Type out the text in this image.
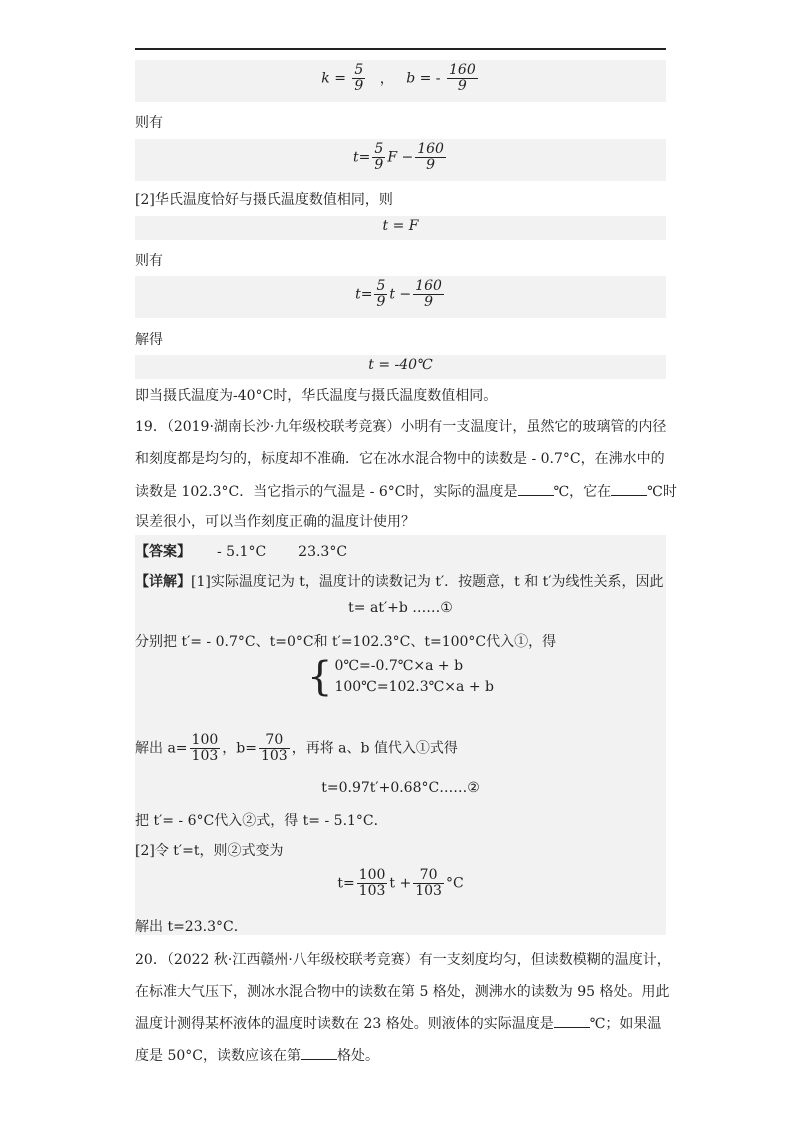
$k = \frac{5}{9}$ ， b = - $\frac{160}{9}$
则有
$t= \frac{5}{9}$ $F - \frac{160}{9}$
[2]华氏温度恰好与摄氏温度数值相同，则
t = F
则有
$t= \frac{5}{9}$ $t - \frac{160}{9}$
解得
t = -40℃
即当摄氏温度为-40°C时，华氏温度与摄氏温度数值相同。
19．（2019·湖南长沙·九年级校联考竞赛）小明有一支温度计，虽然它的玻璃管的内径
和刻度都是均匀的，标度却不准确．它在冰水混合物中的读数是 - 0.7°C，在沸水中的
读数是 102.3°C．当它指示的气温是 - 6°C时，实际的温度是	℃，它在	℃时
误差很小，可以当作刻度正确的温度计使用？
【答案】 - 5.1°C 23.3°C
【详解】[1]实际温度记为 t，温度计的读数记为 t′．按题意，t 和 t′为线性关系，因此
t= at′+b ……①
分别把 t′= - 0.7°C、t=0°C和 t′=102.3°C、t=100°C代入①，得
{ 0℃=-0.7℃×a + b
100℃=102.3℃×a + b
解出 $a= \frac{100}{103}$ ，$b= \frac{70}{103}$ ，再将 a、b 值代入①式得
t=0.97t′+0.68°C……②
把 t′= - 6°C代入②式，得 t= - 5.1°C．
[2]令 t′=t，则②式变为
$t= \frac{100}{103}$ $t + \frac{70}{103} ^\circ C$
解出 t=23.3°C．
20．（2022 秋·江西赣州·八年级校联考竞赛）有一支刻度均匀，但读数模糊的温度计，
在标准大气压下，测冰水混合物中的读数在第 5 格处，测沸水的读数为 95 格处。用此
温度计测得某杯液体的温度时读数在 23 格处。则液体的实际温度是	℃；如果温
度是 50°C，读数应该在第	格处。
